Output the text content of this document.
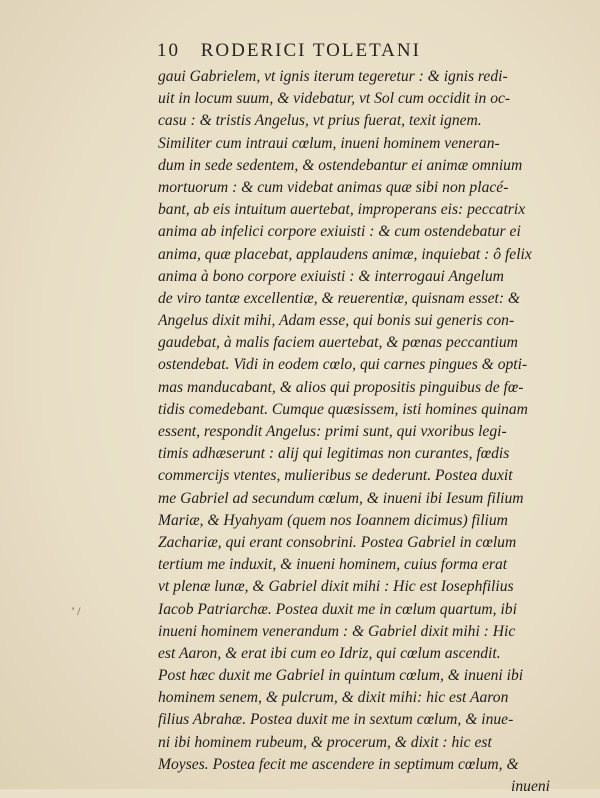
10 RODERICI TOLETANI
' /
gaui Gabrielem, vt ignis iterum tegeretur : & ignis redi-
uit in locum suum, & videbatur, vt Sol cum occidit in oc-
casu : & tristis Angelus, vt prius fuerat, texit ignem.
Similiter cum intraui cœlum, inueni hominem veneran-
dum in sede sedentem, & ostendebantur ei animæ omnium
mortuorum : & cum videbat animas quæ sibi non placé-
bant, ab eis intuitum auertebat, improperans eis: peccatrix
anima ab infelici corpore exiuisti : & cum ostendebatur ei
anima, quæ placebat, applaudens animæ, inquiebat : ô felix
anima à bono corpore exiuisti : & interrogaui Angelum
de viro tantæ excellentiæ, & reuerentiæ, quisnam esset: &
Angelus dixit mihi, Adam esse, qui bonis sui generis con-
gaudebat, à malis faciem auertebat, & pœnas peccantium
ostendebat. Vidi in eodem cœlo, qui carnes pingues & opti-
mas manducabant, & alios qui propositis pinguibus de fœ-
tidis comedebant. Cumque quæsissem, isti homines quinam
essent, respondit Angelus: primi sunt, qui vxoribus legi-
timis adhæserunt : alij qui legitimas non curantes, fœdis
commercijs vtentes, mulieribus se dederunt. Postea duxit
me Gabriel ad secundum cœlum, & inueni ibi Iesum filium
Mariæ, & Hyahyam (quem nos Ioannem dicimus) filium
Zachariæ, qui erant consobrini. Postea Gabriel in cœlum
tertium me induxit, & inueni hominem, cuius forma erat
vt plenæ lunæ, & Gabriel dixit mihi : Hic est Iosephfilius
Iacob Patriarchæ. Postea duxit me in cœlum quartum, ibi
inueni hominem venerandum : & Gabriel dixit mihi : Hic
est Aaron, & erat ibi cum eo Idriz, qui cœlum ascendit.
Post hæc duxit me Gabriel in quintum cœlum, & inueni ibi
hominem senem, & pulcrum, & dixit mihi: hic est Aaron
filius Abrahæ. Postea duxit me in sextum cœlum, & inue-
ni ibi hominem rubeum, & procerum, & dixit : hic est
Moyses. Postea fecit me ascendere in septimum cœlum, &
inueni
